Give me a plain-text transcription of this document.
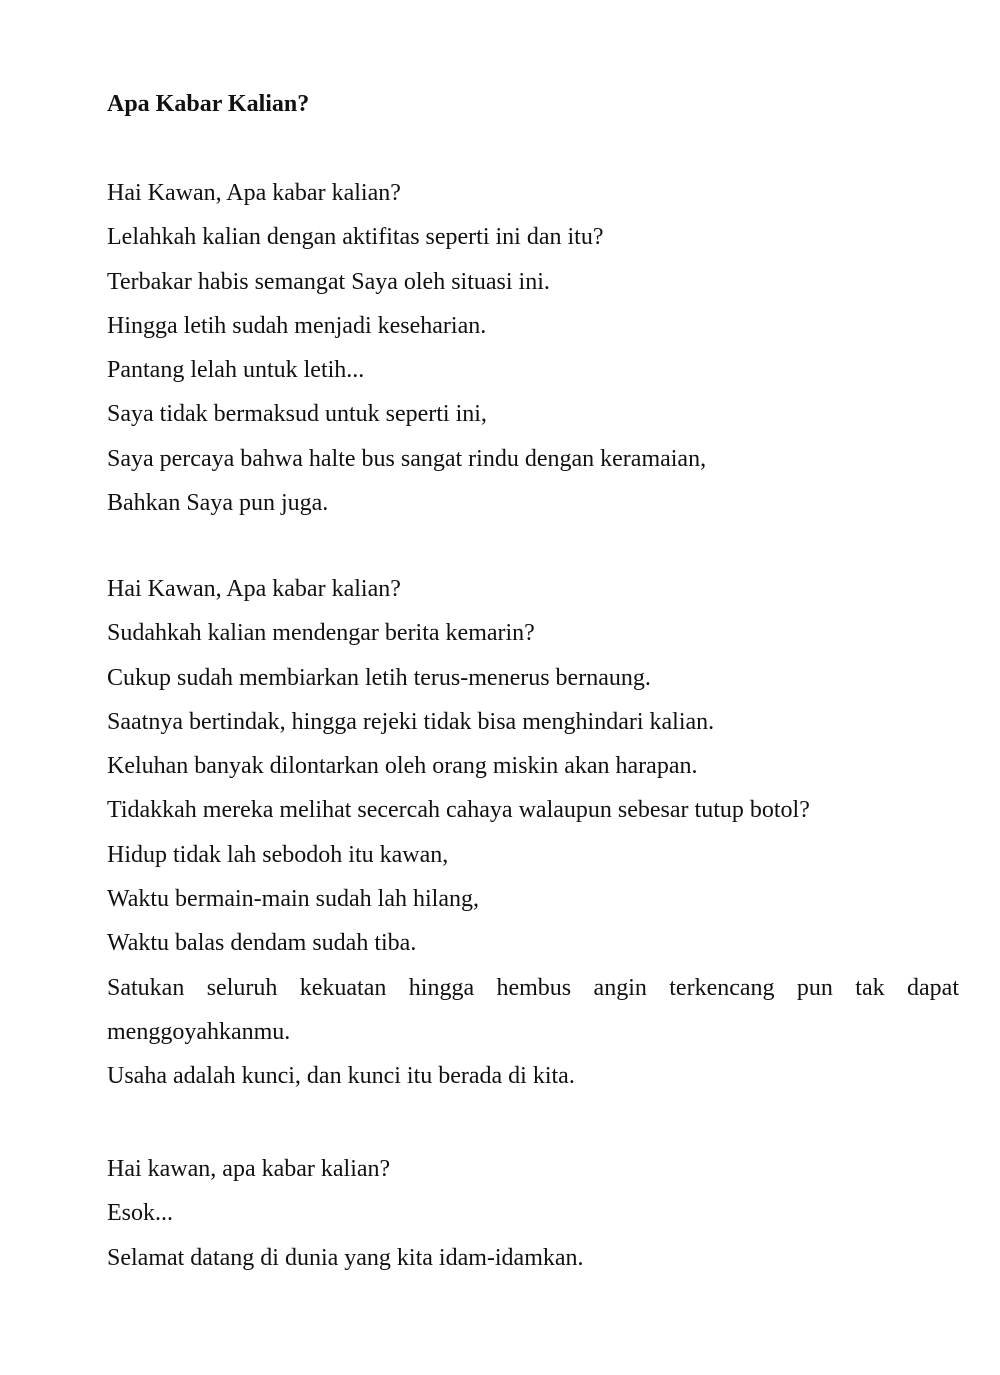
Apa Kabar Kalian?

Hai Kawan, Apa kabar kalian?

Lelahkah kalian dengan aktifitas seperti ini dan itu?

Terbakar habis semangat Saya oleh situasi ini.

Hingga letih sudah menjadi keseharian.

Pantang lelah untuk letih...

Saya tidak bermaksud untuk seperti ini,

Saya percaya bahwa halte bus sangat rindu dengan keramaian,

Bahkan Saya pun juga.

Hai Kawan, Apa kabar kalian?

Sudahkah kalian mendengar berita kemarin?

Cukup sudah membiarkan letih terus-menerus bernaung.

Saatnya bertindak, hingga rejeki tidak bisa menghindari kalian.

Keluhan banyak dilontarkan oleh orang miskin akan harapan.

Tidakkah mereka melihat secercah cahaya walaupun sebesar tutup botol?

Hidup tidak lah sebodoh itu kawan,

Waktu bermain-main sudah lah hilang,

Waktu balas dendam sudah tiba.

Satukan seluruh kekuatan hingga hembus angin terkencang pun tak dapat

menggoyahkanmu.

Usaha adalah kunci, dan kunci itu berada di kita.

Hai kawan, apa kabar kalian?

Esok...

Selamat datang di dunia yang kita idam-idamkan.
